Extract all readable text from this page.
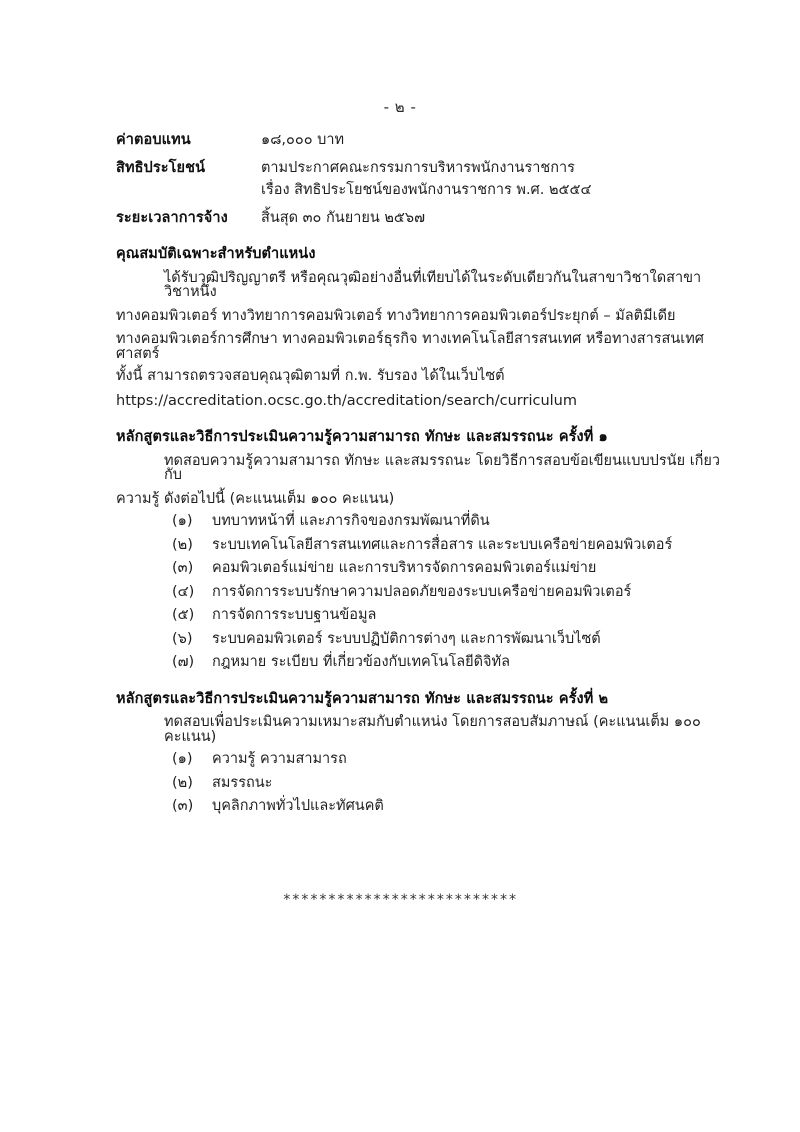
- ๒ -
ค่าตอบแทน	๑๘,๐๐๐ บาท
สิทธิประโยชน์	ตามประกาศคณะกรรมการบริหารพนักงานราชการ
เรื่อง สิทธิประโยชน์ของพนักงานราชการ พ.ศ. ๒๕๕๔
ระยะเวลาการจ้าง	สิ้นสุด ๓๐ กันยายน ๒๕๖๗
คุณสมบัติเฉพาะสำหรับตำแหน่ง
ได้รับวุฒิปริญญาตรี หรือคุณวุฒิอย่างอื่นที่เทียบได้ในระดับเดียวกันในสาขาวิชาใดสาขาวิชาหนึ่ง
ทางคอมพิวเตอร์ ทางวิทยาการคอมพิวเตอร์ ทางวิทยาการคอมพิวเตอร์ประยุกต์ – มัลติมีเดีย
ทางคอมพิวเตอร์การศึกษา ทางคอมพิวเตอร์ธุรกิจ ทางเทคโนโลยีสารสนเทศ หรือทางสารสนเทศศาสตร์
ทั้งนี้ สามารถตรวจสอบคุณวุฒิตามที่ ก.พ. รับรอง ได้ในเว็บไซต์
https://accreditation.ocsc.go.th/accreditation/search/curriculum
หลักสูตรและวิธีการประเมินความรู้ความสามารถ ทักษะ และสมรรถนะ ครั้งที่ ๑
ทดสอบความรู้ความสามารถ ทักษะ และสมรรถนะ โดยวิธีการสอบข้อเขียนแบบปรนัย เกี่ยวกับ
ความรู้ ดังต่อไปนี้ (คะแนนเต็ม ๑๐๐ คะแนน)
(๑)	บทบาทหน้าที่ และภารกิจของกรมพัฒนาที่ดิน
(๒)	ระบบเทคโนโลยีสารสนเทศและการสื่อสาร และระบบเครือข่ายคอมพิวเตอร์
(๓)	คอมพิวเตอร์แม่ข่าย และการบริหารจัดการคอมพิวเตอร์แม่ข่าย
(๔)	การจัดการระบบรักษาความปลอดภัยของระบบเครือข่ายคอมพิวเตอร์
(๕)	การจัดการระบบฐานข้อมูล
(๖)	ระบบคอมพิวเตอร์ ระบบปฏิบัติการต่างๆ และการพัฒนาเว็บไซต์
(๗)	กฎหมาย ระเบียบ ที่เกี่ยวข้องกับเทคโนโลยีดิจิทัล
หลักสูตรและวิธีการประเมินความรู้ความสามารถ ทักษะ และสมรรถนะ ครั้งที่ ๒
ทดสอบเพื่อประเมินความเหมาะสมกับตำแหน่ง โดยการสอบสัมภาษณ์ (คะแนนเต็ม ๑๐๐ คะแนน)
(๑)	ความรู้ ความสามารถ
(๒)	สมรรถนะ
(๓)	บุคลิกภาพทั่วไปและทัศนคติ
**************************
